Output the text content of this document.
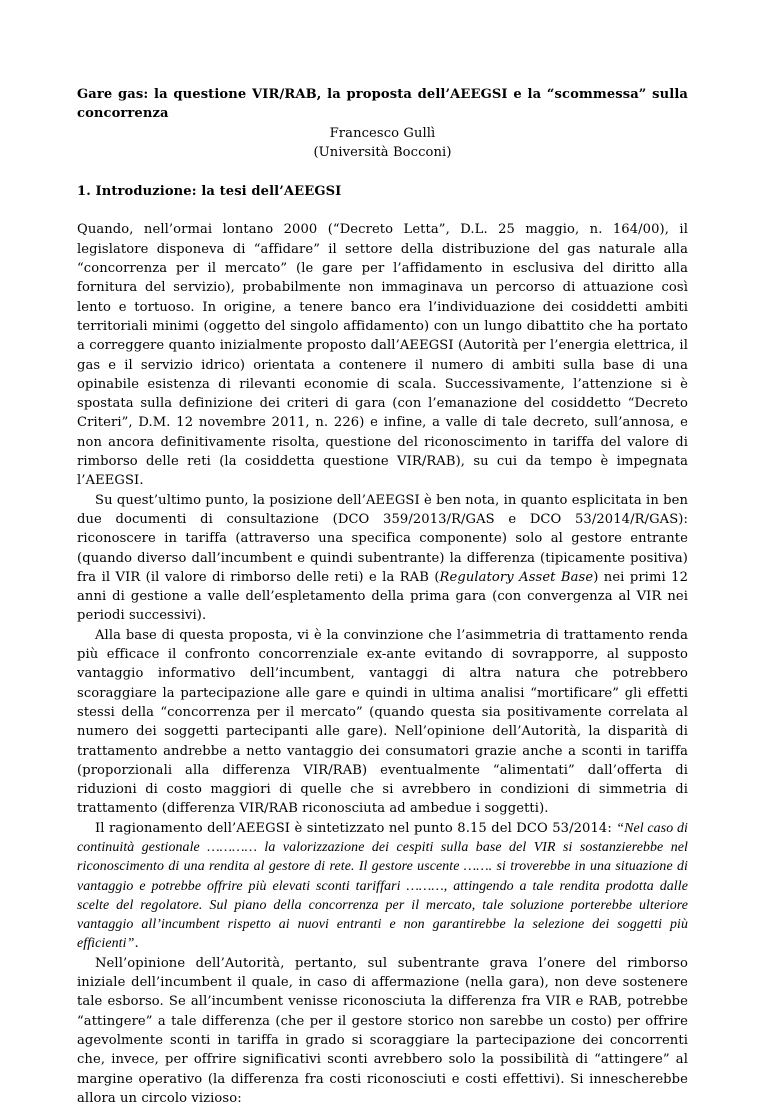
Gare gas: la questione VIR/RAB, la proposta dell’AEEGSI e la “scommessa” sulla concorrenza

Francesco Gullì

(Università Bocconi)

1. Introduzione: la tesi dell’AEEGSI

Quando, nell’ormai lontano 2000 (“Decreto Letta”, D.L. 25 maggio, n. 164/00), il legislatore disponeva di “affidare” il settore della distribuzione del gas naturale alla “concorrenza per il mercato” (le gare per l’affidamento in esclusiva del diritto alla fornitura del servizio), probabilmente non immaginava un percorso di attuazione così lento e tortuoso. In origine, a tenere banco era l’individuazione dei cosiddetti ambiti territoriali minimi (oggetto del singolo affidamento) con un lungo dibattito che ha portato a correggere quanto inizialmente proposto dall’AEEGSI (Autorità per l’energia elettrica, il gas e il servizio idrico) orientata a contenere il numero di ambiti sulla base di una opinabile esistenza di rilevanti economie di scala. Successivamente, l’attenzione si è spostata sulla definizione dei criteri di gara (con l’emanazione del cosiddetto “Decreto Criteri”, D.M. 12 novembre 2011, n. 226) e infine, a valle di tale decreto, sull’annosa, e non ancora definitivamente risolta, questione del riconoscimento in tariffa del valore di rimborso delle reti (la cosiddetta questione VIR/RAB), su cui da tempo è impegnata l’AEEGSI.

Su quest’ultimo punto, la posizione dell’AEEGSI è ben nota, in quanto esplicitata in ben due documenti di consultazione (DCO 359/2013/R/GAS e DCO 53/2014/R/GAS): riconoscere in tariffa (attraverso una specifica componente) solo al gestore entrante (quando diverso dall’incumbent e quindi subentrante) la differenza (tipicamente positiva) fra il VIR (il valore di rimborso delle reti) e la RAB (Regulatory Asset Base) nei primi 12 anni di gestione a valle dell’espletamento della prima gara (con convergenza al VIR nei periodi successivi).

Alla base di questa proposta, vi è la convinzione che l’asimmetria di trattamento renda più efficace il confronto concorrenziale ex-ante evitando di sovrapporre, al supposto vantaggio informativo dell’incumbent, vantaggi di altra natura che potrebbero scoraggiare la partecipazione alle gare e quindi in ultima analisi “mortificare” gli effetti stessi della “concorrenza per il mercato” (quando questa sia positivamente correlata al numero dei soggetti partecipanti alle gare). Nell’opinione dell’Autorità, la disparità di trattamento andrebbe a netto vantaggio dei consumatori grazie anche a sconti in tariffa (proporzionali alla differenza VIR/RAB) eventualmente “alimentati” dall’offerta di riduzioni di costo maggiori di quelle che si avrebbero in condizioni di simmetria di trattamento (differenza VIR/RAB riconosciuta ad ambedue i soggetti).

Il ragionamento dell’AEEGSI è sintetizzato nel punto 8.15 del DCO 53/2014: “Nel caso di continuità gestionale ………… la valorizzazione dei cespiti sulla base del VIR si sostanzierebbe nel riconoscimento di una rendita al gestore di rete. Il gestore uscente ……. si troverebbe in una situazione di vantaggio e potrebbe offrire più elevati sconti tariffari ………, attingendo a tale rendita prodotta dalle scelte del regolatore. Sul piano della concorrenza per il mercato, tale soluzione porterebbe ulteriore vantaggio all’incumbent rispetto ai nuovi entranti e non garantirebbe la selezione dei soggetti più efficienti”.

Nell’opinione dell’Autorità, pertanto, sul subentrante grava l’onere del rimborso iniziale dell’incumbent il quale, in caso di affermazione (nella gara), non deve sostenere tale esborso. Se all’incumbent venisse riconosciuta la differenza fra VIR e RAB, potrebbe “attingere” a tale differenza (che per il gestore storico non sarebbe un costo) per offrire agevolmente sconti in tariffa in grado si scoraggiare la partecipazione dei concorrenti che, invece, per offrire significativi sconti avrebbero solo la possibilità di “attingere” al margine operativo (la differenza fra costi riconosciuti e costi effettivi). Si innescherebbe allora un circolo vizioso:
